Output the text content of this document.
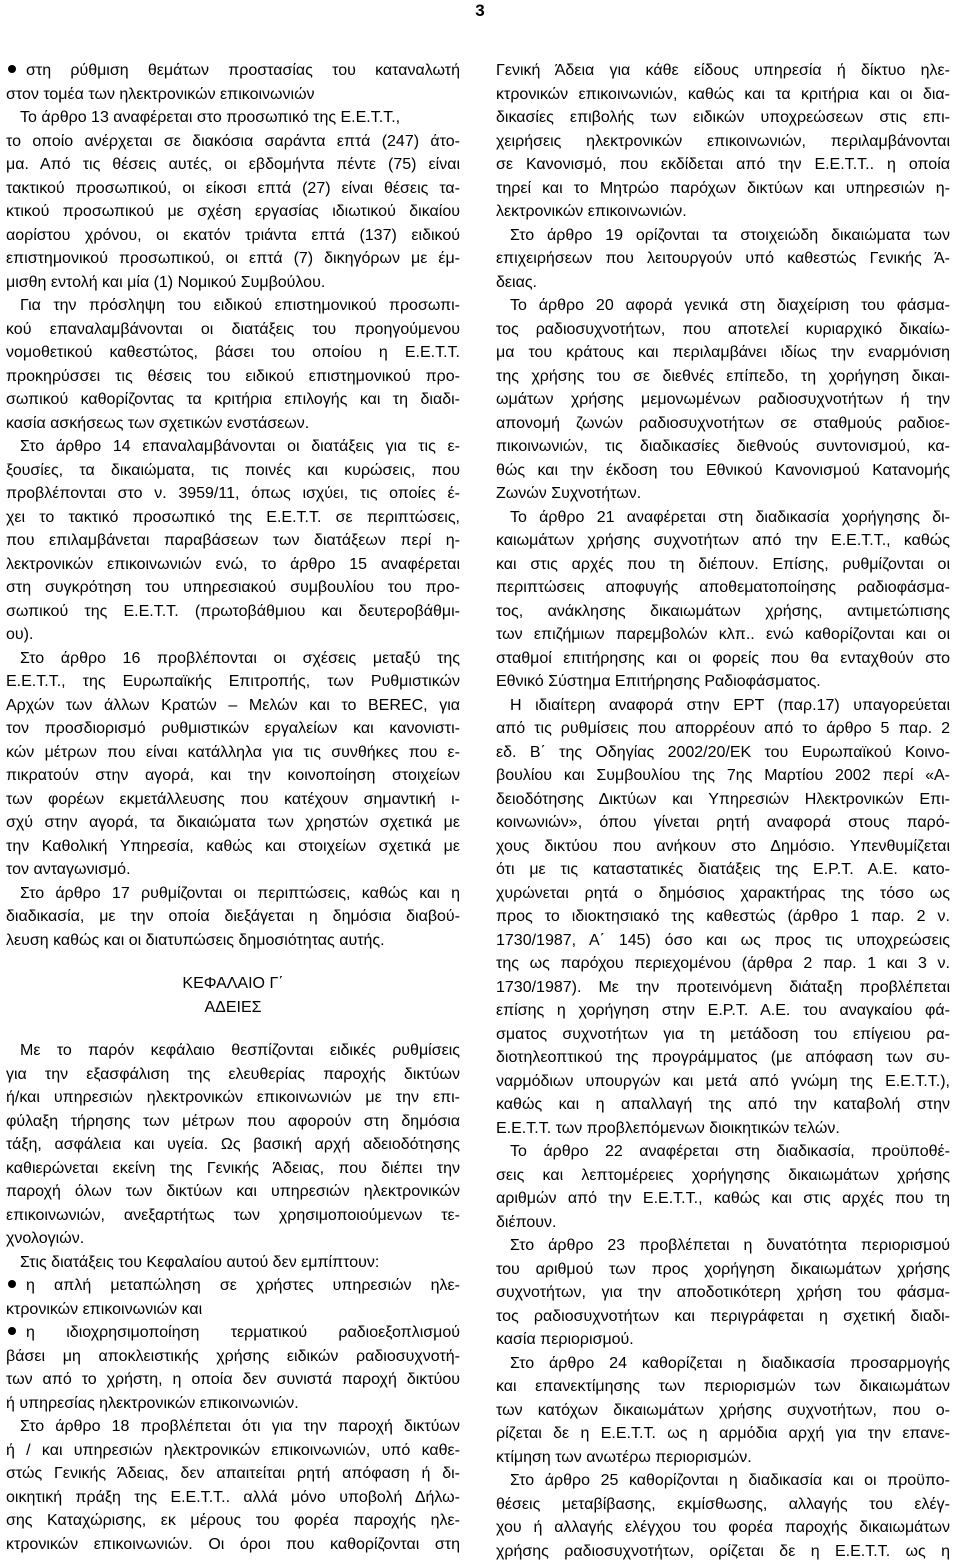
3
στη ρύθμιση θεμάτων προστασίας του καταναλωτή
στον τομέα των ηλεκτρονικών επικοινωνιών
Το άρθρο 13 αναφέρεται στο προσωπικό της Ε.Ε.Τ.Τ.,
το οποίο ανέρχεται σε διακόσια σαράντα επτά (247) άτο-
μα. Από τις θέσεις αυτές, οι εβδομήντα πέντε (75) είναι
τακτικού προσωπικού, οι είκοσι επτά (27) είναι θέσεις τα-
κτικού προσωπικού με σχέση εργασίας ιδιωτικού δικαίου
αορίστου χρόνου, οι εκατόν τριάντα επτά (137) ειδικού
επιστημονικού προσωπικού, οι επτά (7) δικηγόρων με έμ-
μισθη εντολή και μία (1) Νομικού Συμβούλου.
Για την πρόσληψη του ειδικού επιστημονικού προσωπι-
κού επαναλαμβάνονται οι διατάξεις του προηγούμενου
νομοθετικού καθεστώτος, βάσει του οποίου η Ε.Ε.Τ.Τ.
προκηρύσσει τις θέσεις του ειδικού επιστημονικού προ-
σωπικού καθορίζοντας τα κριτήρια επιλογής και τη διαδι-
κασία ασκήσεως των σχετικών ενστάσεων.
Στο άρθρο 14 επαναλαμβάνονται οι διατάξεις για τις ε-
ξουσίες, τα δικαιώματα, τις ποινές και κυρώσεις, που
προβλέπονται στο ν. 3959/11, όπως ισχύει, τις οποίες έ-
χει το τακτικό προσωπικό της Ε.Ε.Τ.Τ. σε περιπτώσεις,
που επιλαμβάνεται παραβάσεων των διατάξεων περί η-
λεκτρονικών επικοινωνιών ενώ, το άρθρο 15 αναφέρεται
στη συγκρότηση του υπηρεσιακού συμβουλίου του προ-
σωπικού της Ε.Ε.Τ.Τ. (πρωτοβάθμιου και δευτεροβάθμι-
ου).
Στο άρθρο 16 προβλέπονται οι σχέσεις μεταξύ της
Ε.Ε.Τ.Τ., της Ευρωπαϊκής Επιτροπής, των Ρυθμιστικών
Αρχών των άλλων Κρατών – Μελών και το BEREC, για
τον προσδιορισμό ρυθμιστικών εργαλείων και κανονιστι-
κών μέτρων που είναι κατάλληλα για τις συνθήκες που ε-
πικρατούν στην αγορά, και την κοινοποίηση στοιχείων
των φορέων εκμετάλλευσης που κατέχουν σημαντική ι-
σχύ στην αγορά, τα δικαιώματα των χρηστών σχετικά με
την Καθολική Υπηρεσία, καθώς και στοιχείων σχετικά με
τον ανταγωνισμό.
Στο άρθρο 17 ρυθμίζονται οι περιπτώσεις, καθώς και η
διαδικασία, με την οποία διεξάγεται η δημόσια διαβού-
λευση καθώς και οι διατυπώσεις δημοσιότητας αυτής.
ΚΕΦΑΛΑΙΟ Γ΄
ΑΔΕΙΕΣ
Με το παρόν κεφάλαιο θεσπίζονται ειδικές ρυθμίσεις
για την εξασφάλιση της ελευθερίας παροχής δικτύων
ή/και υπηρεσιών ηλεκτρονικών επικοινωνιών με την επι-
φύλαξη τήρησης των μέτρων που αφορούν στη δημόσια
τάξη, ασφάλεια και υγεία. Ως βασική αρχή αδειοδότησης
καθιερώνεται εκείνη της Γενικής Άδειας, που διέπει την
παροχή όλων των δικτύων και υπηρεσιών ηλεκτρονικών
επικοινωνιών, ανεξαρτήτως των χρησιμοποιούμενων τε-
χνολογιών.
Στις διατάξεις του Κεφαλαίου αυτού δεν εμπίπτουν:
η απλή μεταπώληση σε χρήστες υπηρεσιών ηλε-
κτρονικών επικοινωνιών και
η ιδιοχρησιμοποίηση τερματικού ραδιοεξοπλισμού
βάσει μη αποκλειστικής χρήσης ειδικών ραδιοσυχνοτή-
των από το χρήστη, η οποία δεν συνιστά παροχή δικτύου
ή υπηρεσίας ηλεκτρονικών επικοινωνιών.
Στο άρθρο 18 προβλέπεται ότι για την παροχή δικτύων
ή / και υπηρεσιών ηλεκτρονικών επικοινωνιών, υπό καθε-
στώς Γενικής Άδειας, δεν απαιτείται ρητή απόφαση ή δι-
οικητική πράξη της Ε.Ε.Τ.Τ.. αλλά μόνο υποβολή Δήλω-
σης Καταχώρισης, εκ μέρους του φορέα παροχής ηλε-
κτρονικών επικοινωνιών. Οι όροι που καθορίζονται στη
Γενική Άδεια για κάθε είδους υπηρεσία ή δίκτυο ηλε-
κτρονικών επικοινωνιών, καθώς και τα κριτήρια και οι δια-
δικασίες επιβολής των ειδικών υποχρεώσεων στις επι-
χειρήσεις ηλεκτρονικών επικοινωνιών, περιλαμβάνονται
σε Κανονισμό, που εκδίδεται από την Ε.Ε.Τ.Τ.. η οποία
τηρεί και το Μητρώο παρόχων δικτύων και υπηρεσιών η-
λεκτρονικών επικοινωνιών.
Στο άρθρο 19 ορίζονται τα στοιχειώδη δικαιώματα των
επιχειρήσεων που λειτουργούν υπό καθεστώς Γενικής Ά-
δειας.
Το άρθρο 20 αφορά γενικά στη διαχείριση του φάσμα-
τος ραδιοσυχνοτήτων, που αποτελεί κυριαρχικό δικαίω-
μα του κράτους και περιλαμβάνει ιδίως την εναρμόνιση
της χρήσης του σε διεθνές επίπεδο, τη χορήγηση δικαι-
ωμάτων χρήσης μεμονωμένων ραδιοσυχνοτήτων ή την
απονομή ζωνών ραδιοσυχνοτήτων σε σταθμούς ραδιοε-
πικοινωνιών, τις διαδικασίες διεθνούς συντονισμού, κα-
θώς και την έκδοση του Εθνικού Κανονισμού Κατανομής
Ζωνών Συχνοτήτων.
Το άρθρο 21 αναφέρεται στη διαδικασία χορήγησης δι-
καιωμάτων χρήσης συχνοτήτων από την Ε.Ε.Τ.Τ., καθώς
και στις αρχές που τη διέπουν. Επίσης, ρυθμίζονται οι
περιπτώσεις αποφυγής αποθεματοποίησης ραδιοφάσμα-
τος, ανάκλησης δικαιωμάτων χρήσης, αντιμετώπισης
των επιζήμιων παρεμβολών κλπ.. ενώ καθορίζονται και οι
σταθμοί επιτήρησης και οι φορείς που θα ενταχθούν στο
Εθνικό Σύστημα Επιτήρησης Ραδιοφάσματος.
Η ιδιαίτερη αναφορά στην ΕΡΤ (παρ.17) υπαγορεύεται
από τις ρυθμίσεις που απορρέουν από το άρθρο 5 παρ. 2
εδ. Β΄ της Οδηγίας 2002/20/ΕΚ του Ευρωπαϊκού Κοινο-
βουλίου και Συμβουλίου της 7ης Μαρτίου 2002 περί «Α-
δειοδότησης Δικτύων και Υπηρεσιών Ηλεκτρονικών Επι-
κοινωνιών», όπου γίνεται ρητή αναφορά στους παρό-
χους δικτύου που ανήκουν στο Δημόσιο. Υπενθυμίζεται
ότι με τις καταστατικές διατάξεις της Ε.Ρ.Τ. Α.Ε. κατο-
χυρώνεται ρητά ο δημόσιος χαρακτήρας της τόσο ως
προς το ιδιοκτησιακό της καθεστώς (άρθρο 1 παρ. 2 ν.
1730/1987, Α΄ 145) όσο και ως προς τις υποχρεώσεις
της ως παρόχου περιεχομένου (άρθρα 2 παρ. 1 και 3 ν.
1730/1987). Με την προτεινόμενη διάταξη προβλέπεται
επίσης η χορήγηση στην Ε.Ρ.Τ. Α.Ε. του αναγκαίου φά-
σματος συχνοτήτων για τη μετάδοση του επίγειου ρα-
διοτηλεοπτικού της προγράμματος (με απόφαση των συ-
ναρμόδιων υπουργών και μετά από γνώμη της Ε.Ε.Τ.Τ.),
καθώς και η απαλλαγή της από την καταβολή στην
Ε.Ε.Τ.Τ. των προβλεπόμενων διοικητικών τελών.
Το άρθρο 22 αναφέρεται στη διαδικασία, προϋποθέ-
σεις και λεπτομέρειες χορήγησης δικαιωμάτων χρήσης
αριθμών από την Ε.Ε.Τ.Τ., καθώς και στις αρχές που τη
διέπουν.
Στο άρθρο 23 προβλέπεται η δυνατότητα περιορισμού
του αριθμού των προς χορήγηση δικαιωμάτων χρήσης
συχνοτήτων, για την αποδοτικότερη χρήση του φάσμα-
τος ραδιοσυχνοτήτων και περιγράφεται η σχετική διαδι-
κασία περιορισμού.
Στο άρθρο 24 καθορίζεται η διαδικασία προσαρμογής
και επανεκτίμησης των περιορισμών των δικαιωμάτων
των κατόχων δικαιωμάτων χρήσης συχνοτήτων, που ο-
ρίζεται δε η Ε.Ε.Τ.Τ. ως η αρμόδια αρχή για την επανε-
κτίμηση των ανωτέρω περιορισμών.
Στο άρθρο 25 καθορίζονται η διαδικασία και οι προϋπο-
θέσεις μεταβίβασης, εκμίσθωσης, αλλαγής του ελέγ-
χου ή αλλαγής ελέγχου του φορέα παροχής δικαιωμάτων
χρήσης ραδιοσυχνοτήτων, ορίζεται δε η Ε.Ε.Τ.Τ. ως η
